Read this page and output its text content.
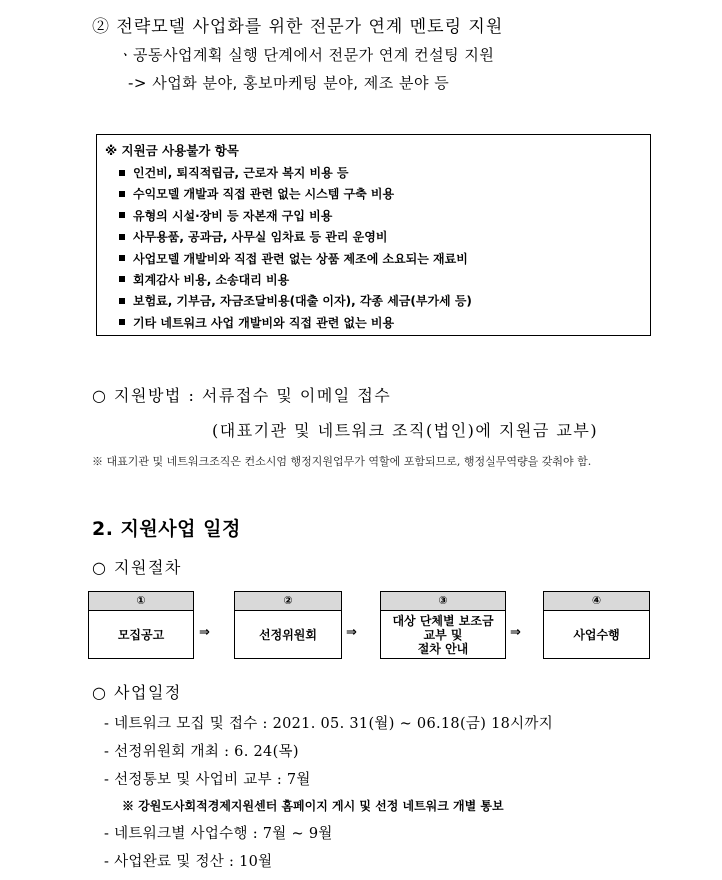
② 전략모델 사업화를 위한 전문가 연계 멘토링 지원
ㆍ공동사업계획 실행 단계에서 전문가 연계 컨설팅 지원
-> 사업화 분야, 홍보마케팅 분야, 제조 분야 등
※ 지원금 사용불가 항목
인건비, 퇴직적립금, 근로자 복지 비용 등
수익모델 개발과 직접 관련 없는 시스템 구축 비용
유형의 시설·장비 등 자본재 구입 비용
사무용품, 공과금, 사무실 임차료 등 관리 운영비
사업모델 개발비와 직접 관련 없는 상품 제조에 소요되는 재료비
회계감사 비용, 소송대리 비용
보험료, 기부금, 자금조달비용(대출 이자), 각종 세금(부가세 등)
기타 네트워크 사업 개발비와 직접 관련 없는 비용
○ 지원방법 : 서류접수 및 이메일 접수
(대표기관 및 네트워크 조직(법인)에 지원금 교부)
※ 대표기관 및 네트워크조직은 컨소시엄 행정지원업무가 역할에 포함되므로, 행정실무역량을 갖춰야 함.
2. 지원사업 일정
○ 지원절차
①
모집공고	⇒
②
선정위원회	⇒
③
대상 단체별 보조금
교부 및
절차 안내
⇒
④
사업수행
○ 사업일정
- 네트워크 모집 및 접수 : 2021. 05. 31(월) ~ 06.18(금) 18시까지
- 선정위원회 개최 : 6. 24(목)
- 선정통보 및 사업비 교부 : 7월
※ 강원도사회적경제지원센터 홈페이지 게시 및 선정 네트워크 개별 통보
- 네트워크별 사업수행 : 7월 ~ 9월
- 사업완료 및 정산 : 10월
